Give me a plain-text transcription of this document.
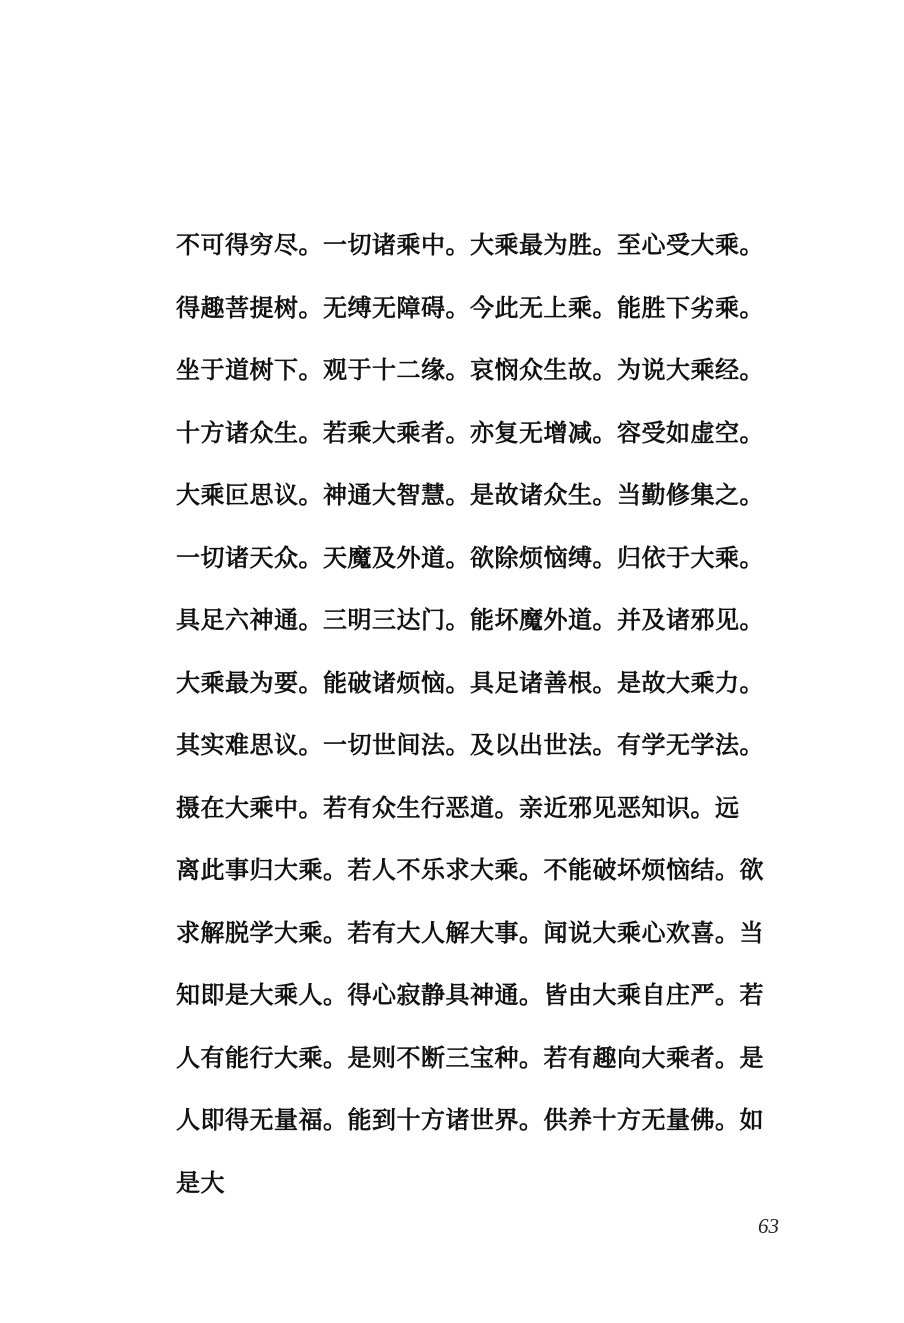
不可得穷尽。一切诸乘中。大乘最为胜。至心受大乘。
得趣菩提树。无缚无障碍。今此无上乘。能胜下劣乘。
坐于道树下。观于十二缘。哀悯众生故。为说大乘经。
十方诸众生。若乘大乘者。亦复无增减。容受如虚空。
大乘叵思议。神通大智慧。是故诸众生。当勤修集之。
一切诸天众。天魔及外道。欲除烦恼缚。归依于大乘。
具足六神通。三明三达门。能坏魔外道。并及诸邪见。
大乘最为要。能破诸烦恼。具足诸善根。是故大乘力。
其实难思议。一切世间法。及以出世法。有学无学法。
摄在大乘中。若有众生行恶道。亲近邪见恶知识。远
离此事归大乘。若人不乐求大乘。不能破坏烦恼结。欲
求解脱学大乘。若有大人解大事。闻说大乘心欢喜。当
知即是大乘人。得心寂静具神通。皆由大乘自庄严。若
人有能行大乘。是则不断三宝种。若有趣向大乘者。是
人即得无量福。能到十方诸世界。供养十方无量佛。如
是大
63
